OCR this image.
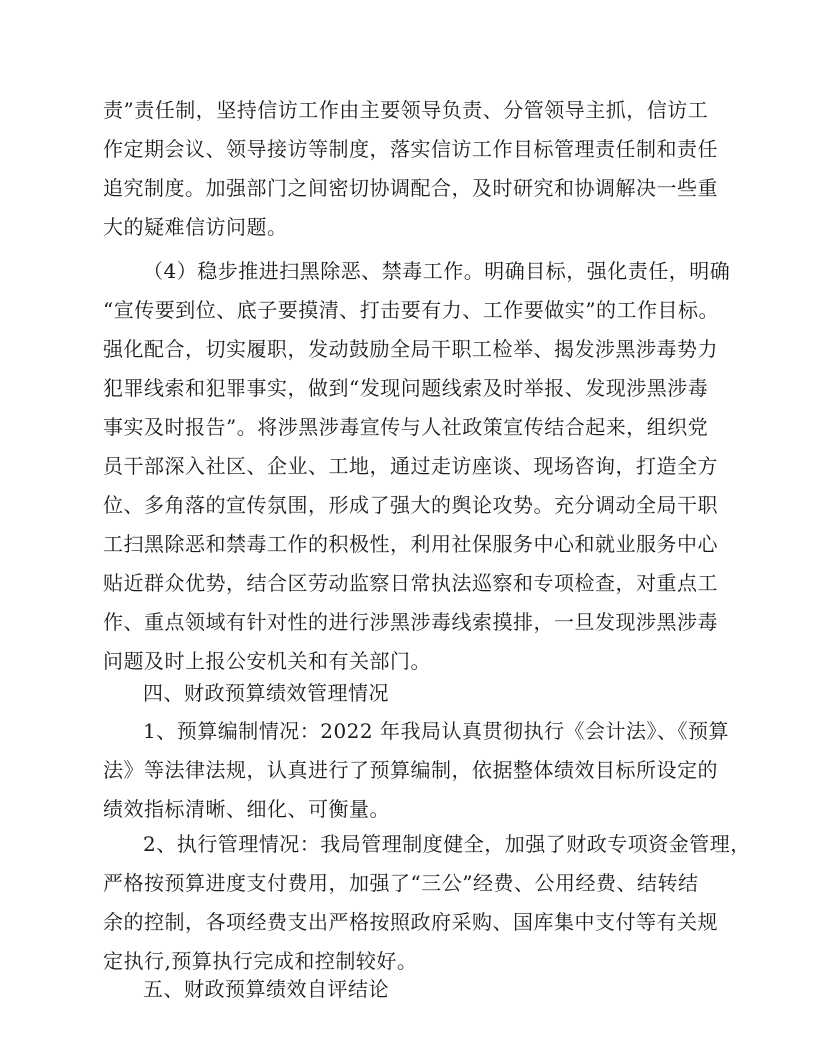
责”责任制，坚持信访工作由主要领导负责、分管领导主抓，信访工
作定期会议、领导接访等制度，落实信访工作目标管理责任制和责任
追究制度。加强部门之间密切协调配合，及时研究和协调解决一些重
大的疑难信访问题。
（4）稳步推进扫黑除恶、禁毒工作。明确目标，强化责任，明确
“宣传要到位、底子要摸清、打击要有力、工作要做实”的工作目标。
强化配合，切实履职，发动鼓励全局干职工检举、揭发涉黑涉毒势力
犯罪线索和犯罪事实，做到“发现问题线索及时举报、发现涉黑涉毒
事实及时报告”。将涉黑涉毒宣传与人社政策宣传结合起来，组织党
员干部深入社区、企业、工地，通过走访座谈、现场咨询，打造全方
位、多角落的宣传氛围，形成了强大的舆论攻势。充分调动全局干职
工扫黑除恶和禁毒工作的积极性，利用社保服务中心和就业服务中心
贴近群众优势，结合区劳动监察日常执法巡察和专项检查，对重点工
作、重点领域有针对性的进行涉黑涉毒线索摸排，一旦发现涉黑涉毒
问题及时上报公安机关和有关部门。
四、财政预算绩效管理情况
1、预算编制情况：2022 年我局认真贯彻执行《会计法》、《预算
法》等法律法规，认真进行了预算编制，依据整体绩效目标所设定的
绩效指标清晰、细化、可衡量。
2、执行管理情况：我局管理制度健全，加强了财政专项资金管理，
严格按预算进度支付费用，加强了“三公”经费、公用经费、结转结
余的控制，各项经费支出严格按照政府采购、国库集中支付等有关规
定执行,预算执行完成和控制较好。
五、财政预算绩效自评结论
